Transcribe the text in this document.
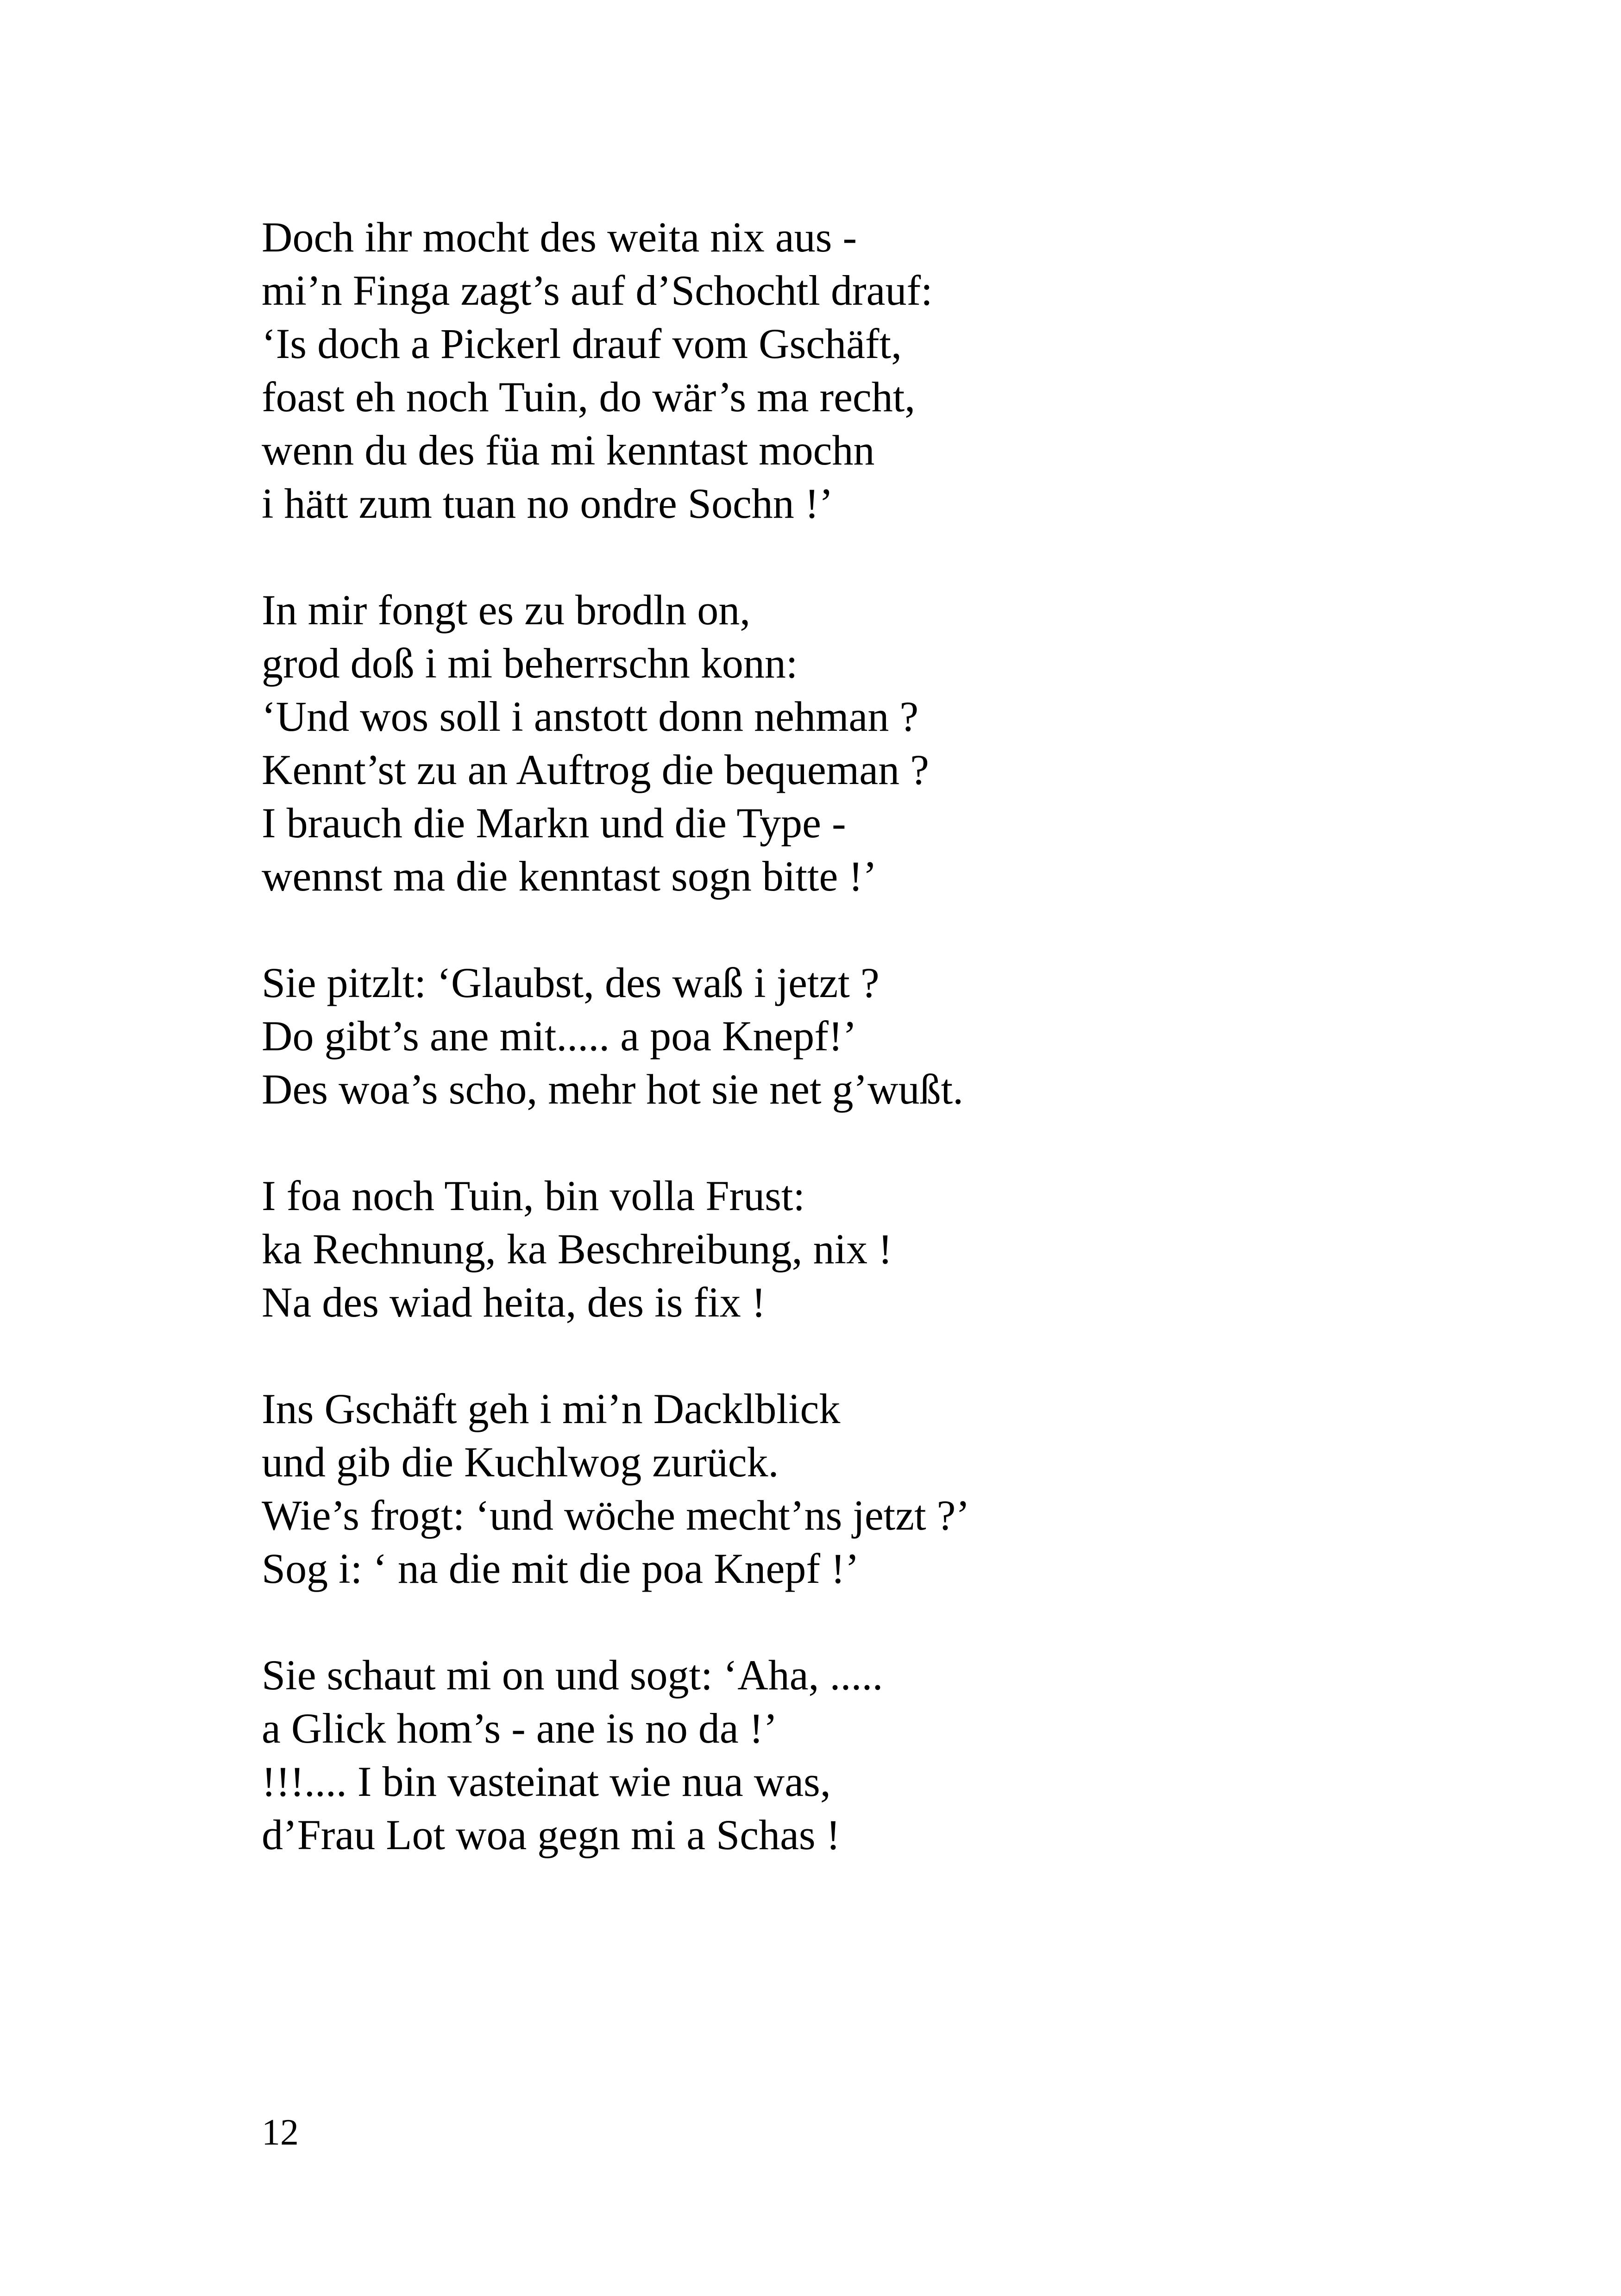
Doch ihr mocht des weita nix aus -
mi’n Finga zagt’s auf d’Schochtl drauf:
‘Is doch a Pickerl drauf vom Gschäft,
foast eh noch Tuin, do wär’s ma recht,
wenn du des füa mi kenntast mochn
i hätt zum tuan no ondre Sochn !’
In mir fongt es zu brodln on,
grod doß i mi beherrschn konn:
‘Und wos soll i anstott donn nehman ?
Kennt’st zu an Auftrog die bequeman ?
I brauch die Markn und die Type -
wennst ma die kenntast sogn bitte !’
Sie pitzlt: ‘Glaubst, des waß i jetzt ?
Do gibt’s ane mit..... a poa Knepf!’
Des woa’s scho, mehr hot sie net g’wußt.
I foa noch Tuin, bin volla Frust:
ka Rechnung, ka Beschreibung, nix !
Na des wiad heita, des is fix !
Ins Gschäft geh i mi’n Dacklblick
und gib die Kuchlwog zurück.
Wie’s frogt: ‘und wöche mecht’ns jetzt ?’
Sog i: ‘ na die mit die poa Knepf !’
Sie schaut mi on und sogt: ‘Aha, .....
a Glick hom’s - ane is no da !’
!!!.... I bin vasteinat wie nua was,
d’Frau Lot woa gegn mi a Schas !
12
